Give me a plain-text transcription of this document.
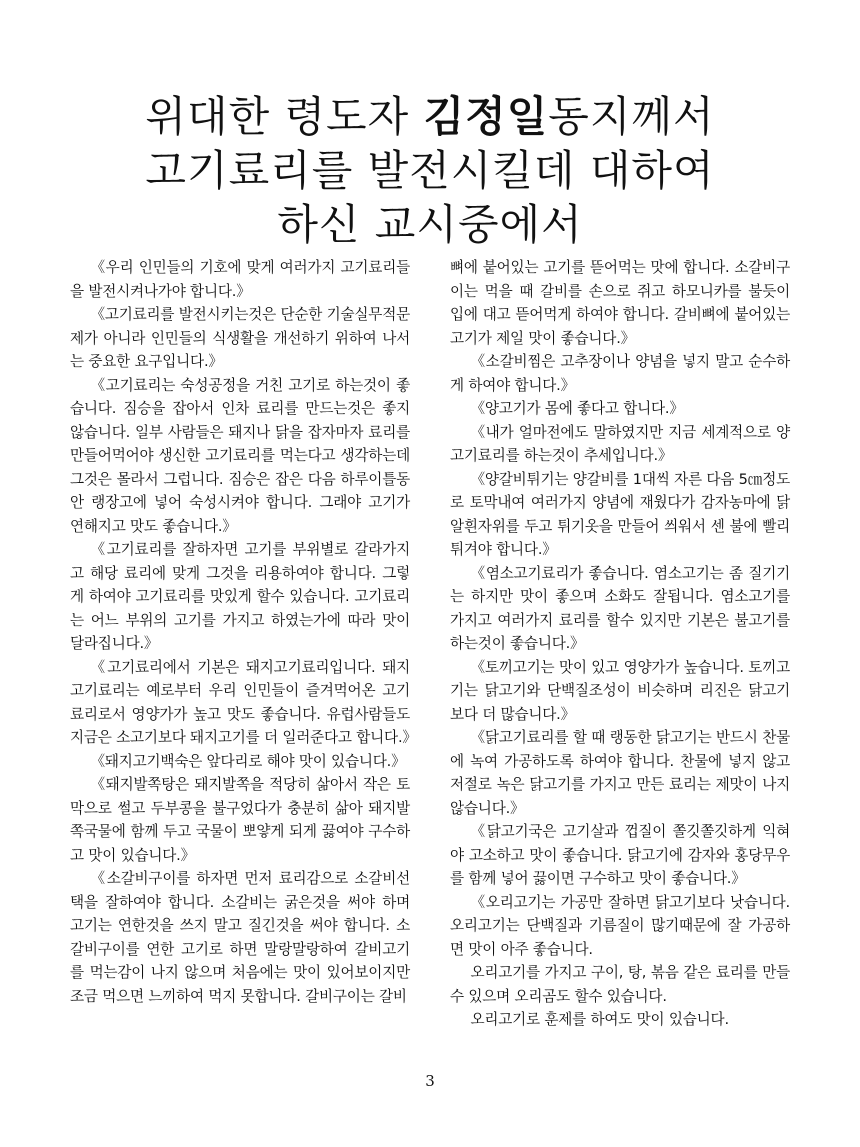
위대한 령도자 김정일동지께서
고기료리를 발전시킬데 대하여
하신 교시중에서

《우리 인민들의 기호에 맞게 여러가지 고기료리들을 발전시켜나가야 합니다.》

《고기료리를 발전시키는것은 단순한 기술실무적문제가 아니라 인민들의 식생활을 개선하기 위하여 나서는 중요한 요구입니다.》

《고기료리는 숙성공정을 거친 고기로 하는것이 좋습니다. 짐승을 잡아서 인차 료리를 만드는것은 좋지 않습니다. 일부 사람들은 돼지나 닭을 잡자마자 료리를 만들어먹어야 생신한 고기료리를 먹는다고 생각하는데 그것은 몰라서 그럽니다. 짐승은 잡은 다음 하루이틀동안 랭장고에 넣어 숙성시켜야 합니다. 그래야 고기가 연해지고 맛도 좋습니다.》

《고기료리를 잘하자면 고기를 부위별로 갈라가지고 해당 료리에 맞게 그것을 리용하여야 합니다. 그렇게 하여야 고기료리를 맛있게 할수 있습니다. 고기료리는 어느 부위의 고기를 가지고 하였는가에 따라 맛이 달라집니다.》

《고기료리에서 기본은 돼지고기료리입니다. 돼지고기료리는 예로부터 우리 인민들이 즐겨먹어온 고기료리로서 영양가가 높고 맛도 좋습니다. 유럽사람들도 지금은 소고기보다 돼지고기를 더 일러준다고 합니다.》

《돼지고기백숙은 앞다리로 해야 맛이 있습니다.》

《돼지발쪽탕은 돼지발쪽을 적당히 삶아서 작은 토막으로 썰고 두부콩을 불구었다가 충분히 삶아 돼지발쪽국물에 함께 두고 국물이 뽀얗게 되게 끓여야 구수하고 맛이 있습니다.》

《소갈비구이를 하자면 먼저 료리감으로 소갈비선택을 잘하여야 합니다. 소갈비는 굵은것을 써야 하며 고기는 연한것을 쓰지 말고 질긴것을 써야 합니다. 소갈비구이를 연한 고기로 하면 말랑말랑하여 갈비고기를 먹는감이 나지 않으며 처음에는 맛이 있어보이지만 조금 먹으면 느끼하여 먹지 못합니다. 갈비구이는 갈비

뼈에 붙어있는 고기를 뜯어먹는 맛에 합니다. 소갈비구이는 먹을 때 갈비를 손으로 쥐고 하모니카를 불듯이 입에 대고 뜯어먹게 하여야 합니다. 갈비뼈에 붙어있는 고기가 제일 맛이 좋습니다.》

《소갈비찜은 고추장이나 양념을 넣지 말고 순수하게 하여야 합니다.》

《양고기가 몸에 좋다고 합니다.》

《내가 얼마전에도 말하였지만 지금 세계적으로 양고기료리를 하는것이 추세입니다.》

《양갈비튀기는 양갈비를 1대씩 자른 다음 5㎝정도로 토막내여 여러가지 양념에 재웠다가 감자농마에 닭알흰자위를 두고 튀기옷을 만들어 씌워서 센 불에 빨리 튀겨야 합니다.》

《염소고기료리가 좋습니다. 염소고기는 좀 질기기는 하지만 맛이 좋으며 소화도 잘됩니다. 염소고기를 가지고 여러가지 료리를 할수 있지만 기본은 불고기를 하는것이 좋습니다.》

《토끼고기는 맛이 있고 영양가가 높습니다. 토끼고기는 닭고기와 단백질조성이 비슷하며 리진은 닭고기보다 더 많습니다.》

《닭고기료리를 할 때 랭동한 닭고기는 반드시 찬물에 녹여 가공하도록 하여야 합니다. 찬물에 넣지 않고 저절로 녹은 닭고기를 가지고 만든 료리는 제맛이 나지 않습니다.》

《닭고기국은 고기살과 껍질이 쫄깃쫄깃하게 익혀야 고소하고 맛이 좋습니다. 닭고기에 감자와 홍당무우를 함께 넣어 끓이면 구수하고 맛이 좋습니다.》

《오리고기는 가공만 잘하면 닭고기보다 낫습니다. 오리고기는 단백질과 기름질이 많기때문에 잘 가공하면 맛이 아주 좋습니다.

오리고기를 가지고 구이, 탕, 볶음 같은 료리를 만들수 있으며 오리곰도 할수 있습니다.

오리고기로 훈제를 하여도 맛이 있습니다.

3
